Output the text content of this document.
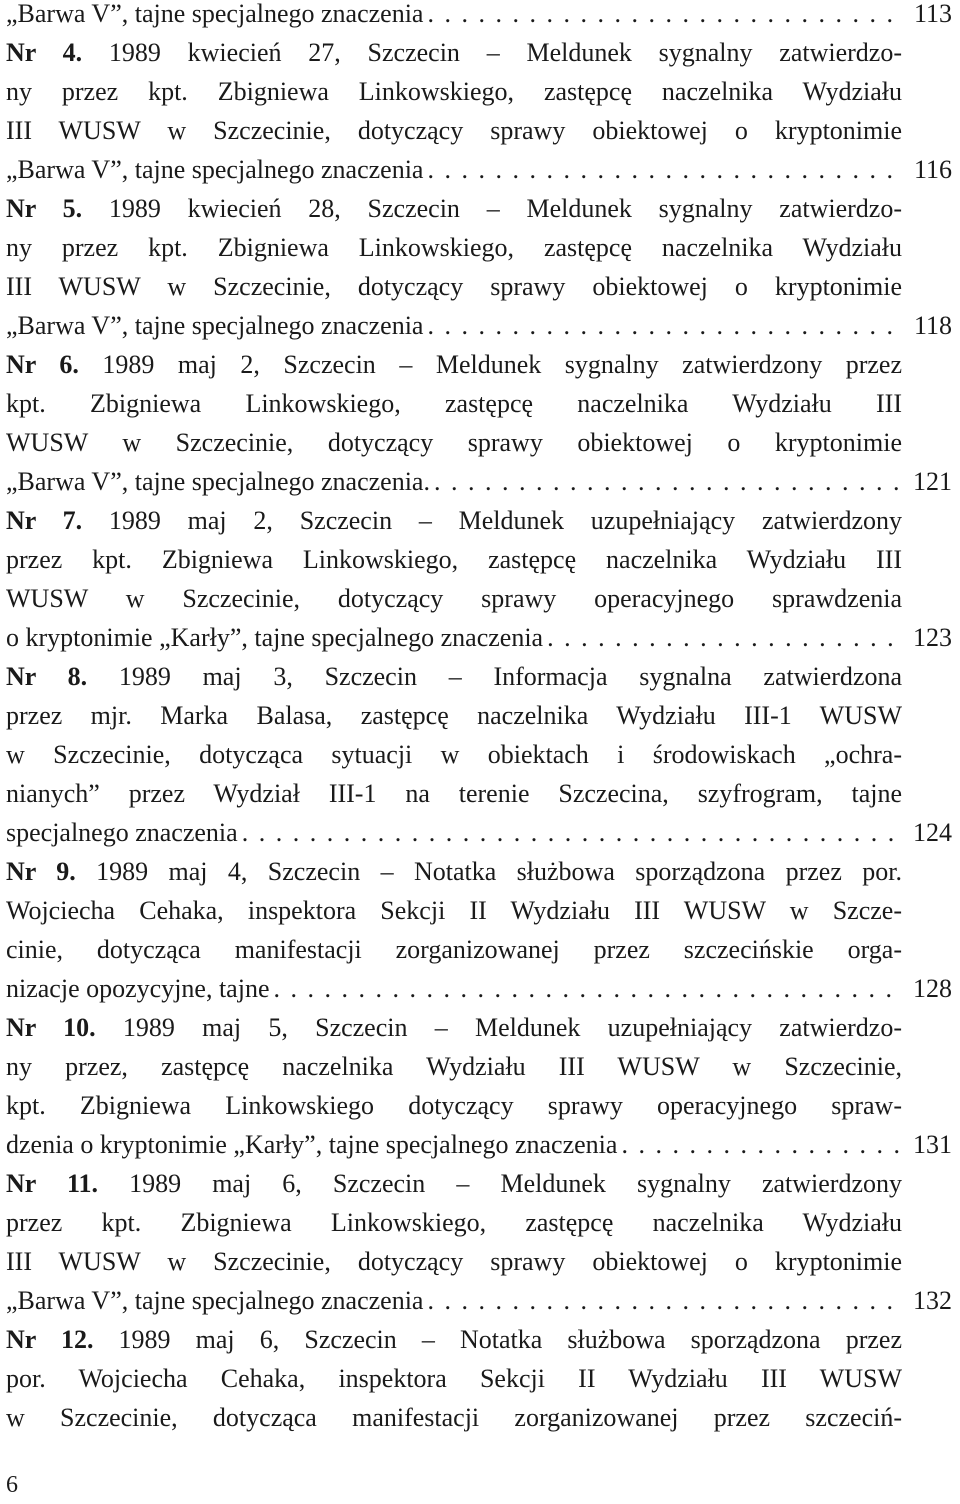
„Barwa V”, tajne specjalnego znaczenia . . .	113
Nr 4. 1989 kwiecień 27, Szczecin – Meldunek sygnalny zatwierdzo-
ny przez kpt. Zbigniewa Linkowskiego, zastępcę naczelnika Wydziału
III WUSW w Szczecinie, dotyczący sprawy obiektowej o kryptonimie
„Barwa V”, tajne specjalnego znaczenia . . .	116
Nr 5. 1989 kwiecień 28, Szczecin – Meldunek sygnalny zatwierdzo-
ny przez kpt. Zbigniewa Linkowskiego, zastępcę naczelnika Wydziału
III WUSW w Szczecinie, dotyczący sprawy obiektowej o kryptonimie
„Barwa V”, tajne specjalnego znaczenia . . .	118
Nr 6. 1989 maj 2, Szczecin – Meldunek sygnalny zatwierdzony przez
kpt. Zbigniewa Linkowskiego, zastępcę naczelnika Wydziału III
WUSW w Szczecinie, dotyczący sprawy obiektowej o kryptonimie
„Barwa V”, tajne specjalnego znaczenia. . . .	121
Nr 7. 1989 maj 2, Szczecin – Meldunek uzupełniający zatwierdzony
przez kpt. Zbigniewa Linkowskiego, zastępcę naczelnika Wydziału III
WUSW w Szczecinie, dotyczący sprawy operacyjnego sprawdzenia
o kryptonimie „Karły”, tajne specjalnego znaczenia . . .	123
Nr 8. 1989 maj 3, Szczecin – Informacja sygnalna zatwierdzona
przez mjr. Marka Balasa, zastępcę naczelnika Wydziału III-1 WUSW
w Szczecinie, dotycząca sytuacji w obiektach i środowiskach „ochra-
nianych” przez Wydział III-1 na terenie Szczecina, szyfrogram, tajne
specjalnego znaczenia . . .	124
Nr 9. 1989 maj 4, Szczecin – Notatka służbowa sporządzona przez por.
Wojciecha Cehaka, inspektora Sekcji II Wydziału III WUSW w Szcze-
cinie, dotycząca manifestacji zorganizowanej przez szczecińskie orga-
nizacje opozycyjne, tajne . . .	128
Nr 10. 1989 maj 5, Szczecin – Meldunek uzupełniający zatwierdzo-
ny przez, zastępcę naczelnika Wydziału III WUSW w Szczecinie,
kpt. Zbigniewa Linkowskiego dotyczący sprawy operacyjnego spraw-
dzenia o kryptonimie „Karły”, tajne specjalnego znaczenia . . .	131
Nr 11. 1989 maj 6, Szczecin – Meldunek sygnalny zatwierdzony
przez kpt. Zbigniewa Linkowskiego, zastępcę naczelnika Wydziału
III WUSW w Szczecinie, dotyczący sprawy obiektowej o kryptonimie
„Barwa V”, tajne specjalnego znaczenia . . .	132
Nr 12. 1989 maj 6, Szczecin – Notatka służbowa sporządzona przez
por. Wojciecha Cehaka, inspektora Sekcji II Wydziału III WUSW
w Szczecinie, dotycząca manifestacji zorganizowanej przez szczeciń-
6
